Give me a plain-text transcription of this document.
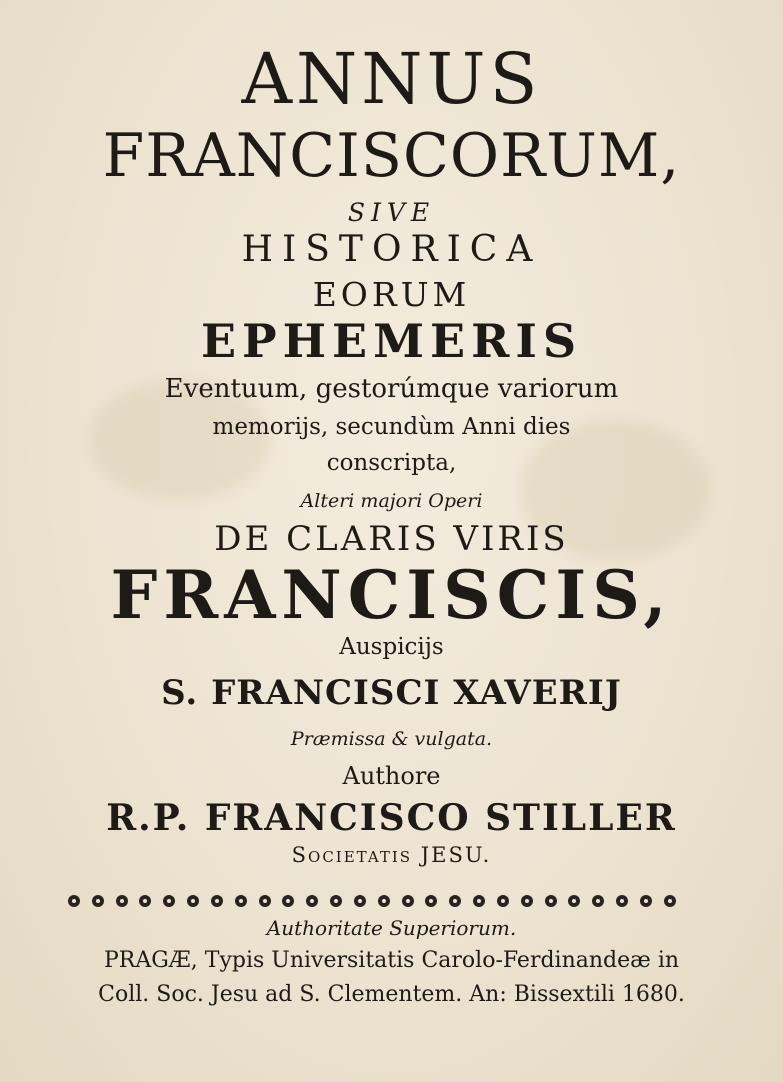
ANNUS
FRANCISCORUM,
SIVE
HISTORICA
EORUM
EPHEMERIS
Eventuum, gestorúmque variorum
memorijs, secundùm Anni dies
conscripta,
Alteri majori Operi
DE CLARIS VIRIS
FRANCISCIS,
Auspicijs
S. FRANCISCI XAVERIJ
Præmissa & vulgata.
Authore
R.P. FRANCISCO STILLER
Societatis JESU.
Authoritate Superiorum.
PRAGÆ, Typis Universitatis Carolo-Ferdinandeæ in
Coll. Soc. Jesu ad S. Clementem. An: Bissextili 1680.
